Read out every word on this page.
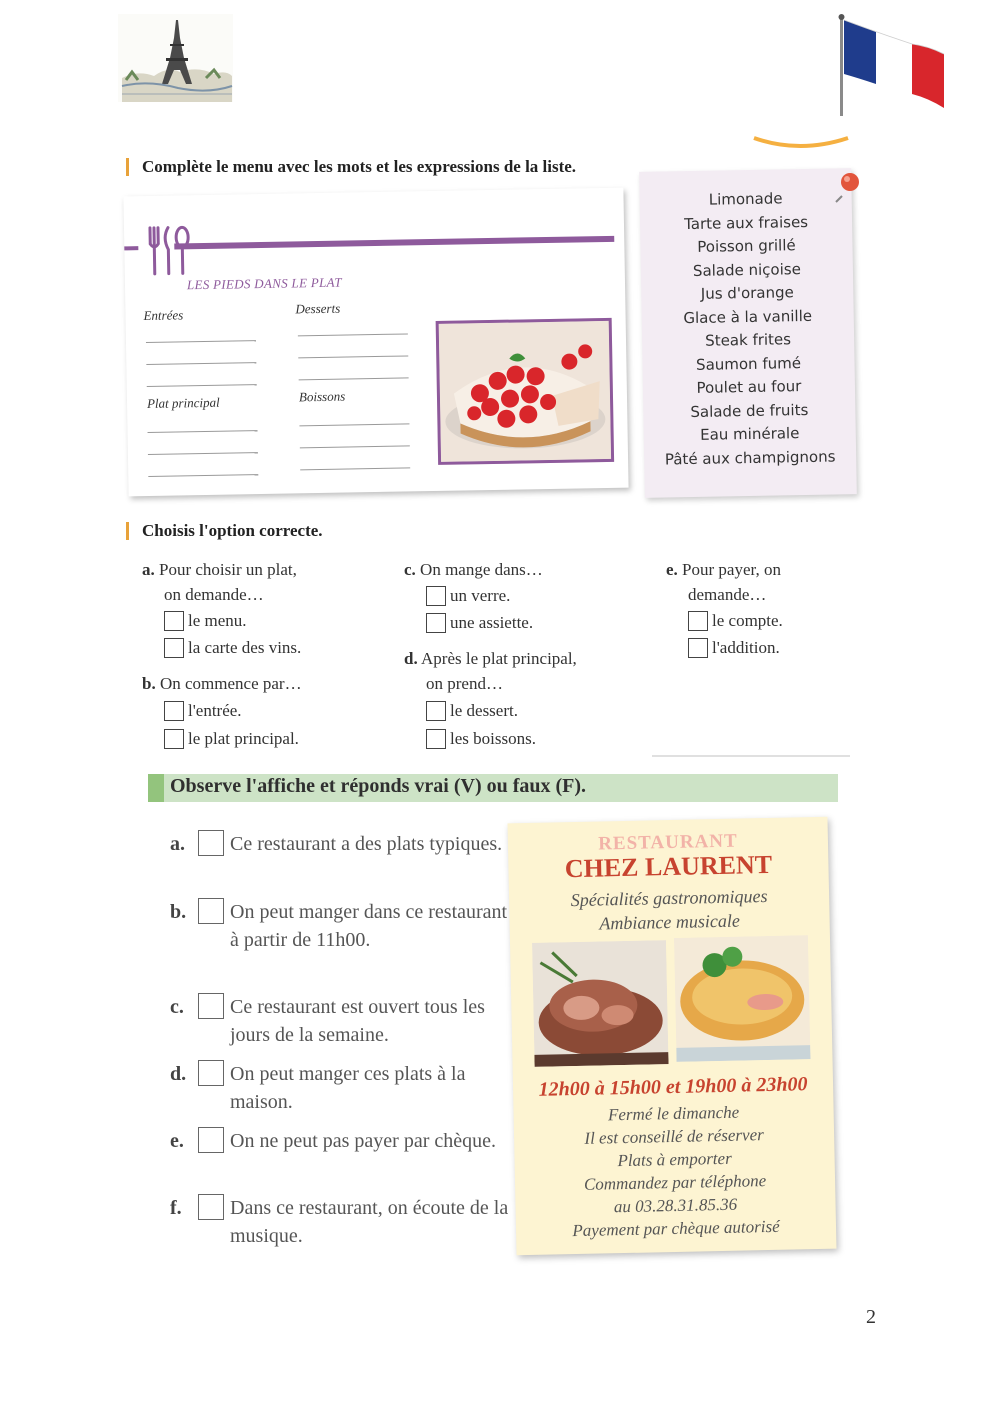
Complète le menu avec les mots et les expressions de la liste.
LES PIEDS DANS LE PLAT
Entrées	Desserts
Plat principal	Boissons
Limonade
Tarte aux fraises
Poisson grillé
Salade niçoise
Jus d'orange
Glace à la vanille
Steak frites
Saumon fumé
Poulet au four
Salade de fruits
Eau minérale
Pâté aux champignons
Choisis l'option correcte.
a. Pour choisir un plat,
on demande…
le menu.
la carte des vins.
b. On commence par…
l'entrée.
le plat principal.
c. On mange dans…
un verre.
une assiette.
d. Après le plat principal,
on prend…
le dessert.
les boissons.
e. Pour payer, on
demande…
le compte.
l'addition.
Observe l'affiche et réponds vrai (V) ou faux (F).
a. Ce restaurant a des plats typiques.
b. On peut manger dans ce restaurant à partir de 11h00.
c. Ce restaurant est ouvert tous les jours de la semaine.
d. On peut manger ces plats à la maison.
e. On ne peut pas payer par chèque.
f. Dans ce restaurant, on écoute de la musique.
RESTAURANT
CHEZ LAURENT
Spécialités gastronomiques
Ambiance musicale
12h00 à 15h00 et 19h00 à 23h00
Fermé le dimanche
Il est conseillé de réserver
Plats à emporter
Commandez par téléphone
au 03.28.31.85.36
Payement par chèque autorisé
2
